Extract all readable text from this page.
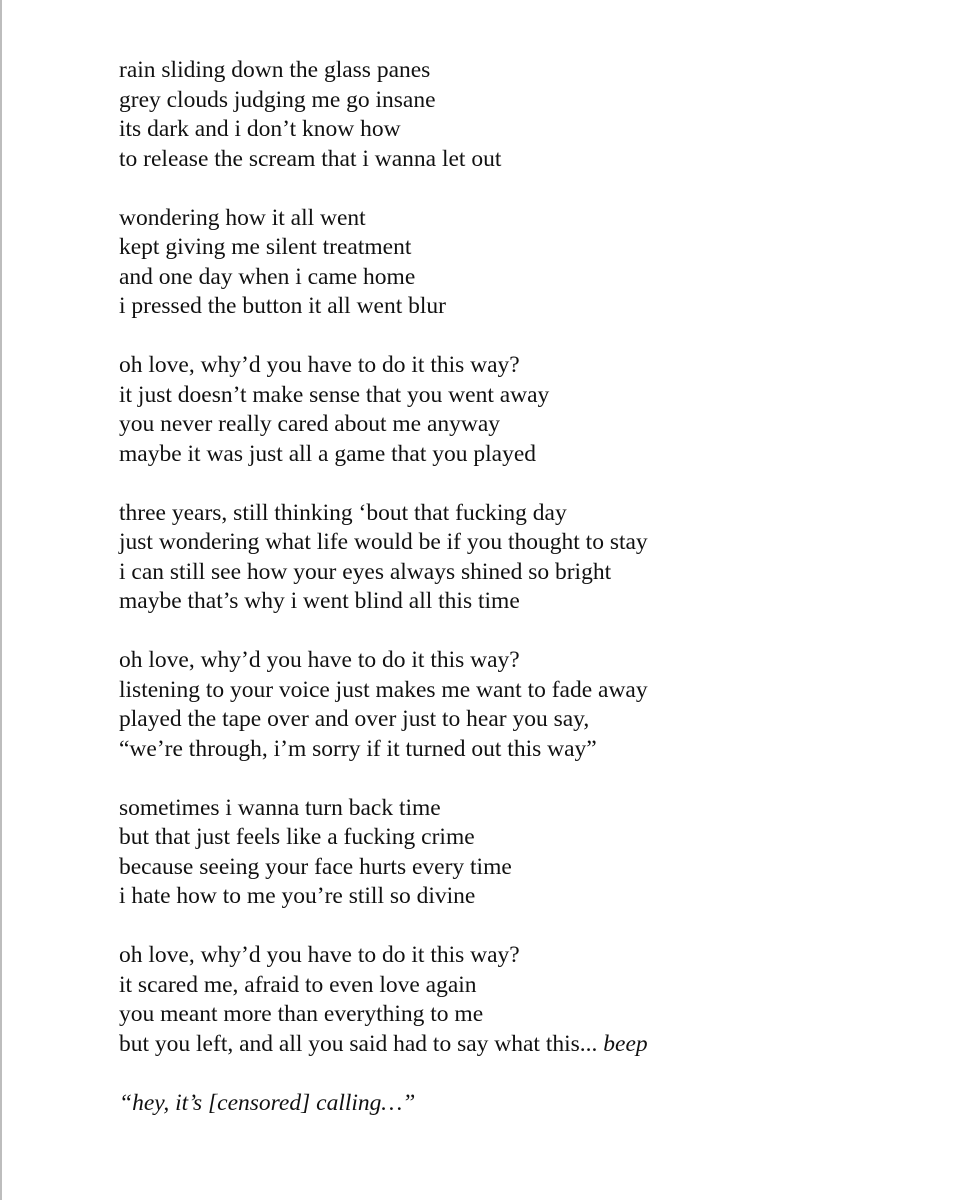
rain sliding down the glass panes
grey clouds judging me go insane
its dark and i don’t know how
to release the scream that i wanna let out
wondering how it all went
kept giving me silent treatment
and one day when i came home
i pressed the button it all went blur
oh love, why’d you have to do it this way?
it just doesn’t make sense that you went away
you never really cared about me anyway
maybe it was just all a game that you played
three years, still thinking ‘bout that fucking day
just wondering what life would be if you thought to stay
i can still see how your eyes always shined so bright
maybe that’s why i went blind all this time
oh love, why’d you have to do it this way?
listening to your voice just makes me want to fade away
played the tape over and over just to hear you say,
“we’re through, i’m sorry if it turned out this way”
sometimes i wanna turn back time
but that just feels like a fucking crime
because seeing your face hurts every time
i hate how to me you’re still so divine
oh love, why’d you have to do it this way?
it scared me, afraid to even love again
you meant more than everything to me
but you left, and all you said had to say what this... beep
“hey, it’s [censored] calling…”
